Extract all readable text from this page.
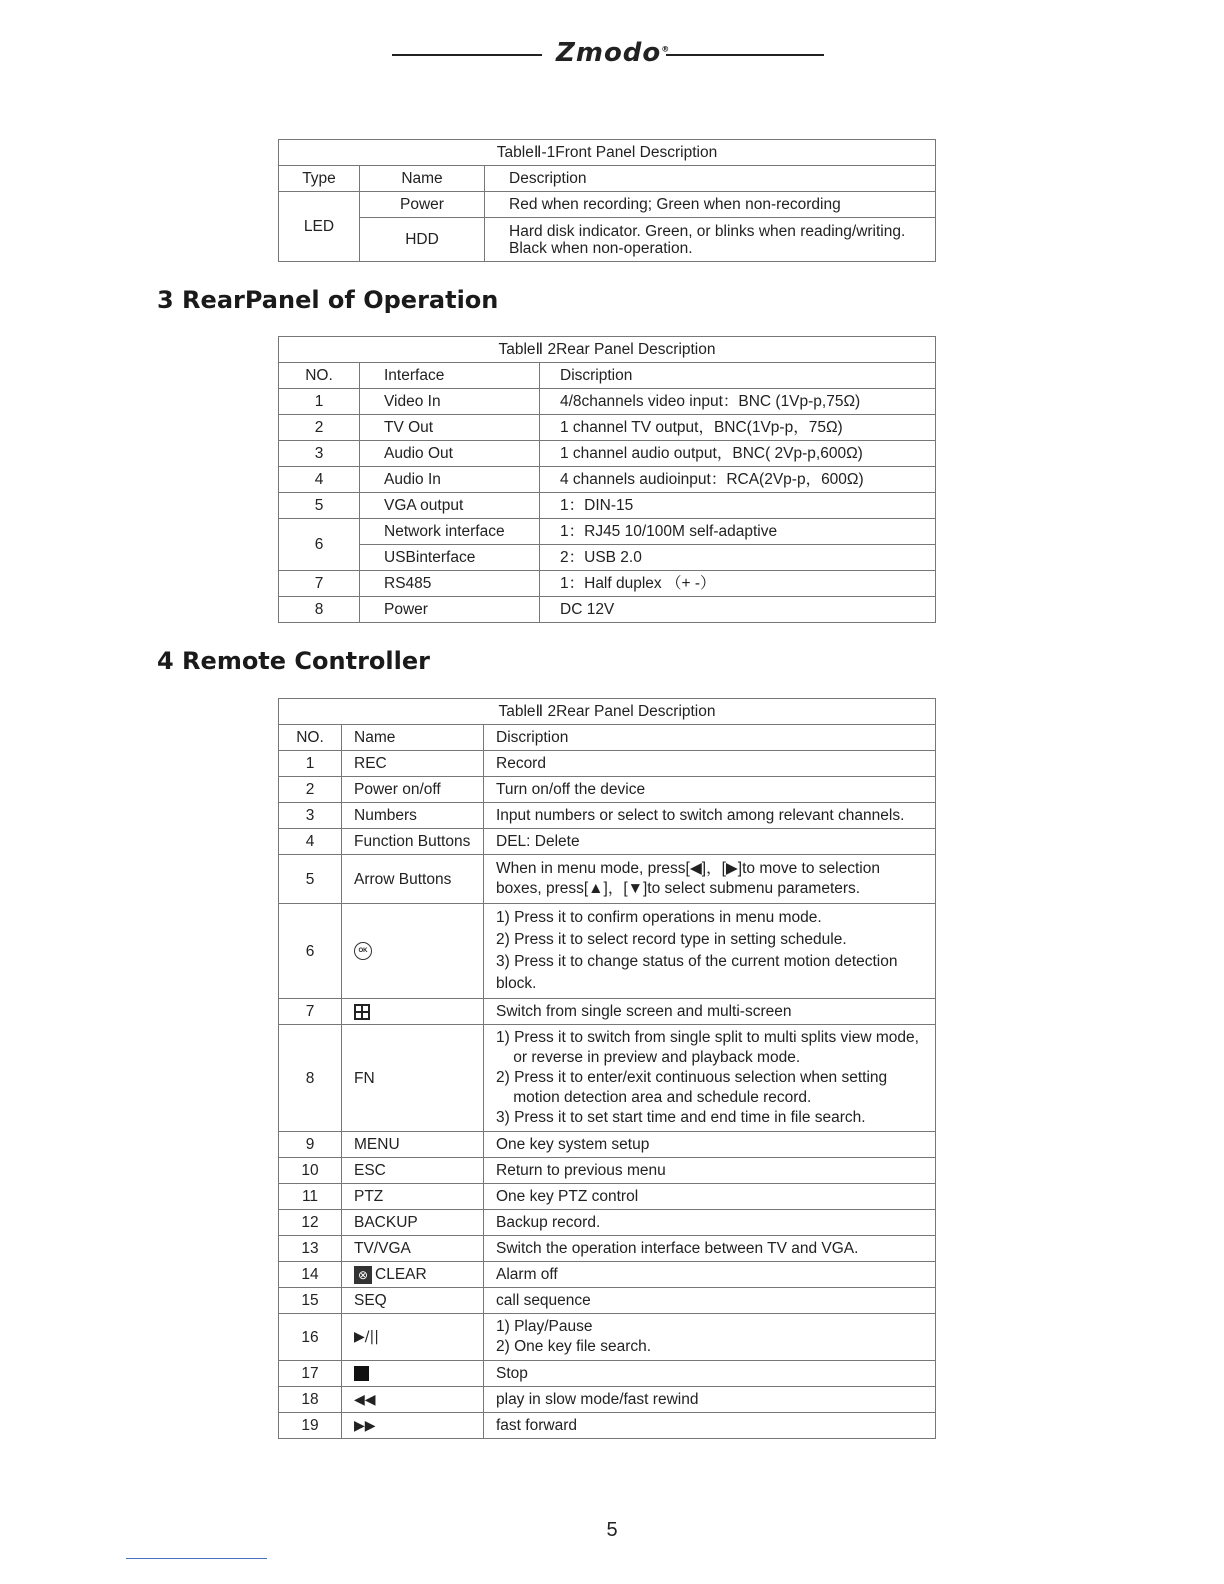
Zmodo®
TableⅡ-1Front Panel Description		
Type	Name	Description
LED	Power	Red when recording; Green when non-recording
	HDD	Hard disk indicator. Green, or blinks when reading/writing.
Black when non-operation.
3 RearPanel of Operation
TableⅡ 2Rear Panel Description		
NO.	Interface	Discription
1	Video In	4/8channels video input：BNC (1Vp-p,75Ω)
2	TV Out	1 channel TV output，BNC(1Vp-p，75Ω)
3	Audio Out	1 channel audio output，BNC( 2Vp-p,600Ω)
4	Audio In	4 channels audioinput：RCA(2Vp-p，600Ω)
5	VGA output	1：DIN-15
6	Network interface	1：RJ45 10/100M self-adaptive
	USBinterface	2：USB 2.0
7	RS485	1：Half duplex （+ -）
8	Power	DC 12V
4 Remote Controller
TableⅡ 2Rear Panel Description		
NO.	Name	Discription
1	REC	Record
2	Power on/off	Turn on/off the device
3	Numbers	Input numbers or select to switch among relevant channels.
4	Function Buttons	DEL: Delete
5	Arrow Buttons	When in menu mode, press[◀]，[▶]to move to selection
boxes, press[▲]，[▼]to select submenu parameters.
6	OK	1) Press it to confirm operations in menu mode.
2) Press it to select record type in setting schedule.
3) Press it to change status of the current motion detection block.
7		Switch from single screen and multi-screen
8	FN	1) Press it to switch from single split to multi splits view mode,
or reverse in preview and playback mode.
2) Press it to enter/exit continuous selection when setting
motion detection area and schedule record.
3) Press it to set start time and end time in file search.
9	MENU	One key system setup
10	ESC	Return to previous menu
11	PTZ	One key PTZ control
12	BACKUP	Backup record.
13	TV/VGA	Switch the operation interface between TV and VGA.
14	⊗ CLEAR	Alarm off
15	SEQ	call sequence
16	▶/||	1) Play/Pause
2) One key file search.
17		Stop
18	◀◀	play in slow mode/fast rewind
19	▶▶	fast forward
5
